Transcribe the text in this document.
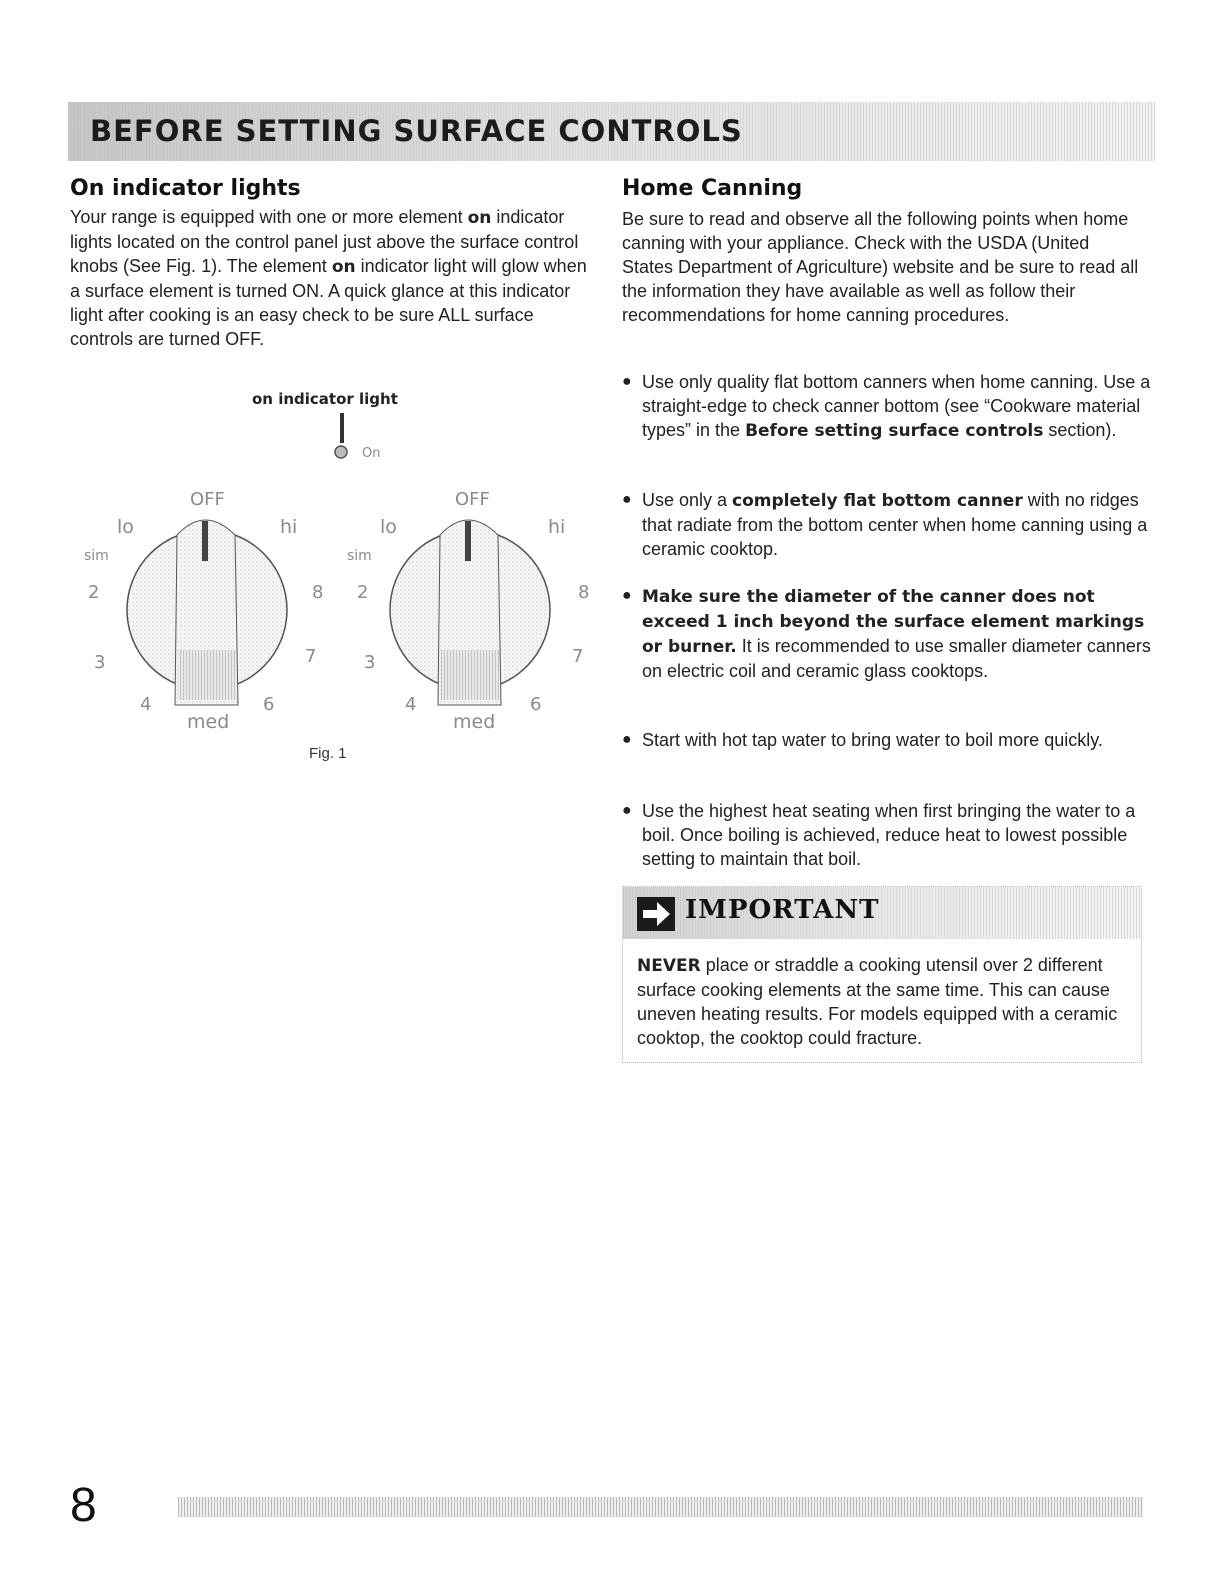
BEFORE SETTING SURFACE CONTROLS
On indicator lights
Your range is equipped with one or more element on indicator lights located on the control panel just above the surface control knobs (See Fig. 1). The element on indicator light will glow when a surface element is turned ON. A quick glance at this indicator light after cooking is an easy check to be sure ALL surface controls are turned OFF.
on indicator light
On
OFF
lo	hi
sim
2
3
4
med
6
7
8
OFF
lo	hi
sim
2
3
4
med
6
7
8
Fig. 1
Home Canning
Be sure to read and observe all the following points when home canning with your appliance. Check with the USDA (United States Department of Agriculture) website and be sure to read all the information they have available as well as follow their recommendations for home canning procedures.
● Use only quality flat bottom canners when home canning. Use a straight-edge to check canner bottom (see “Cookware material types” in the Before setting surface controls section).
● Use only a completely flat bottom canner with no ridges that radiate from the bottom center when home canning using a ceramic cooktop.
● Make sure the diameter of the canner does not exceed 1 inch beyond the surface element markings or burner. It is recommended to use smaller diameter canners on electric coil and ceramic glass cooktops.
● Start with hot tap water to bring water to boil more quickly.
● Use the highest heat seating when first bringing the water to a boil. Once boiling is achieved, reduce heat to lowest possible setting to maintain that boil.
IMPORTANT
NEVER place or straddle a cooking utensil over 2 different surface cooking elements at the same time. This can cause uneven heating results. For models equipped with a ceramic cooktop, the cooktop could fracture.
8
